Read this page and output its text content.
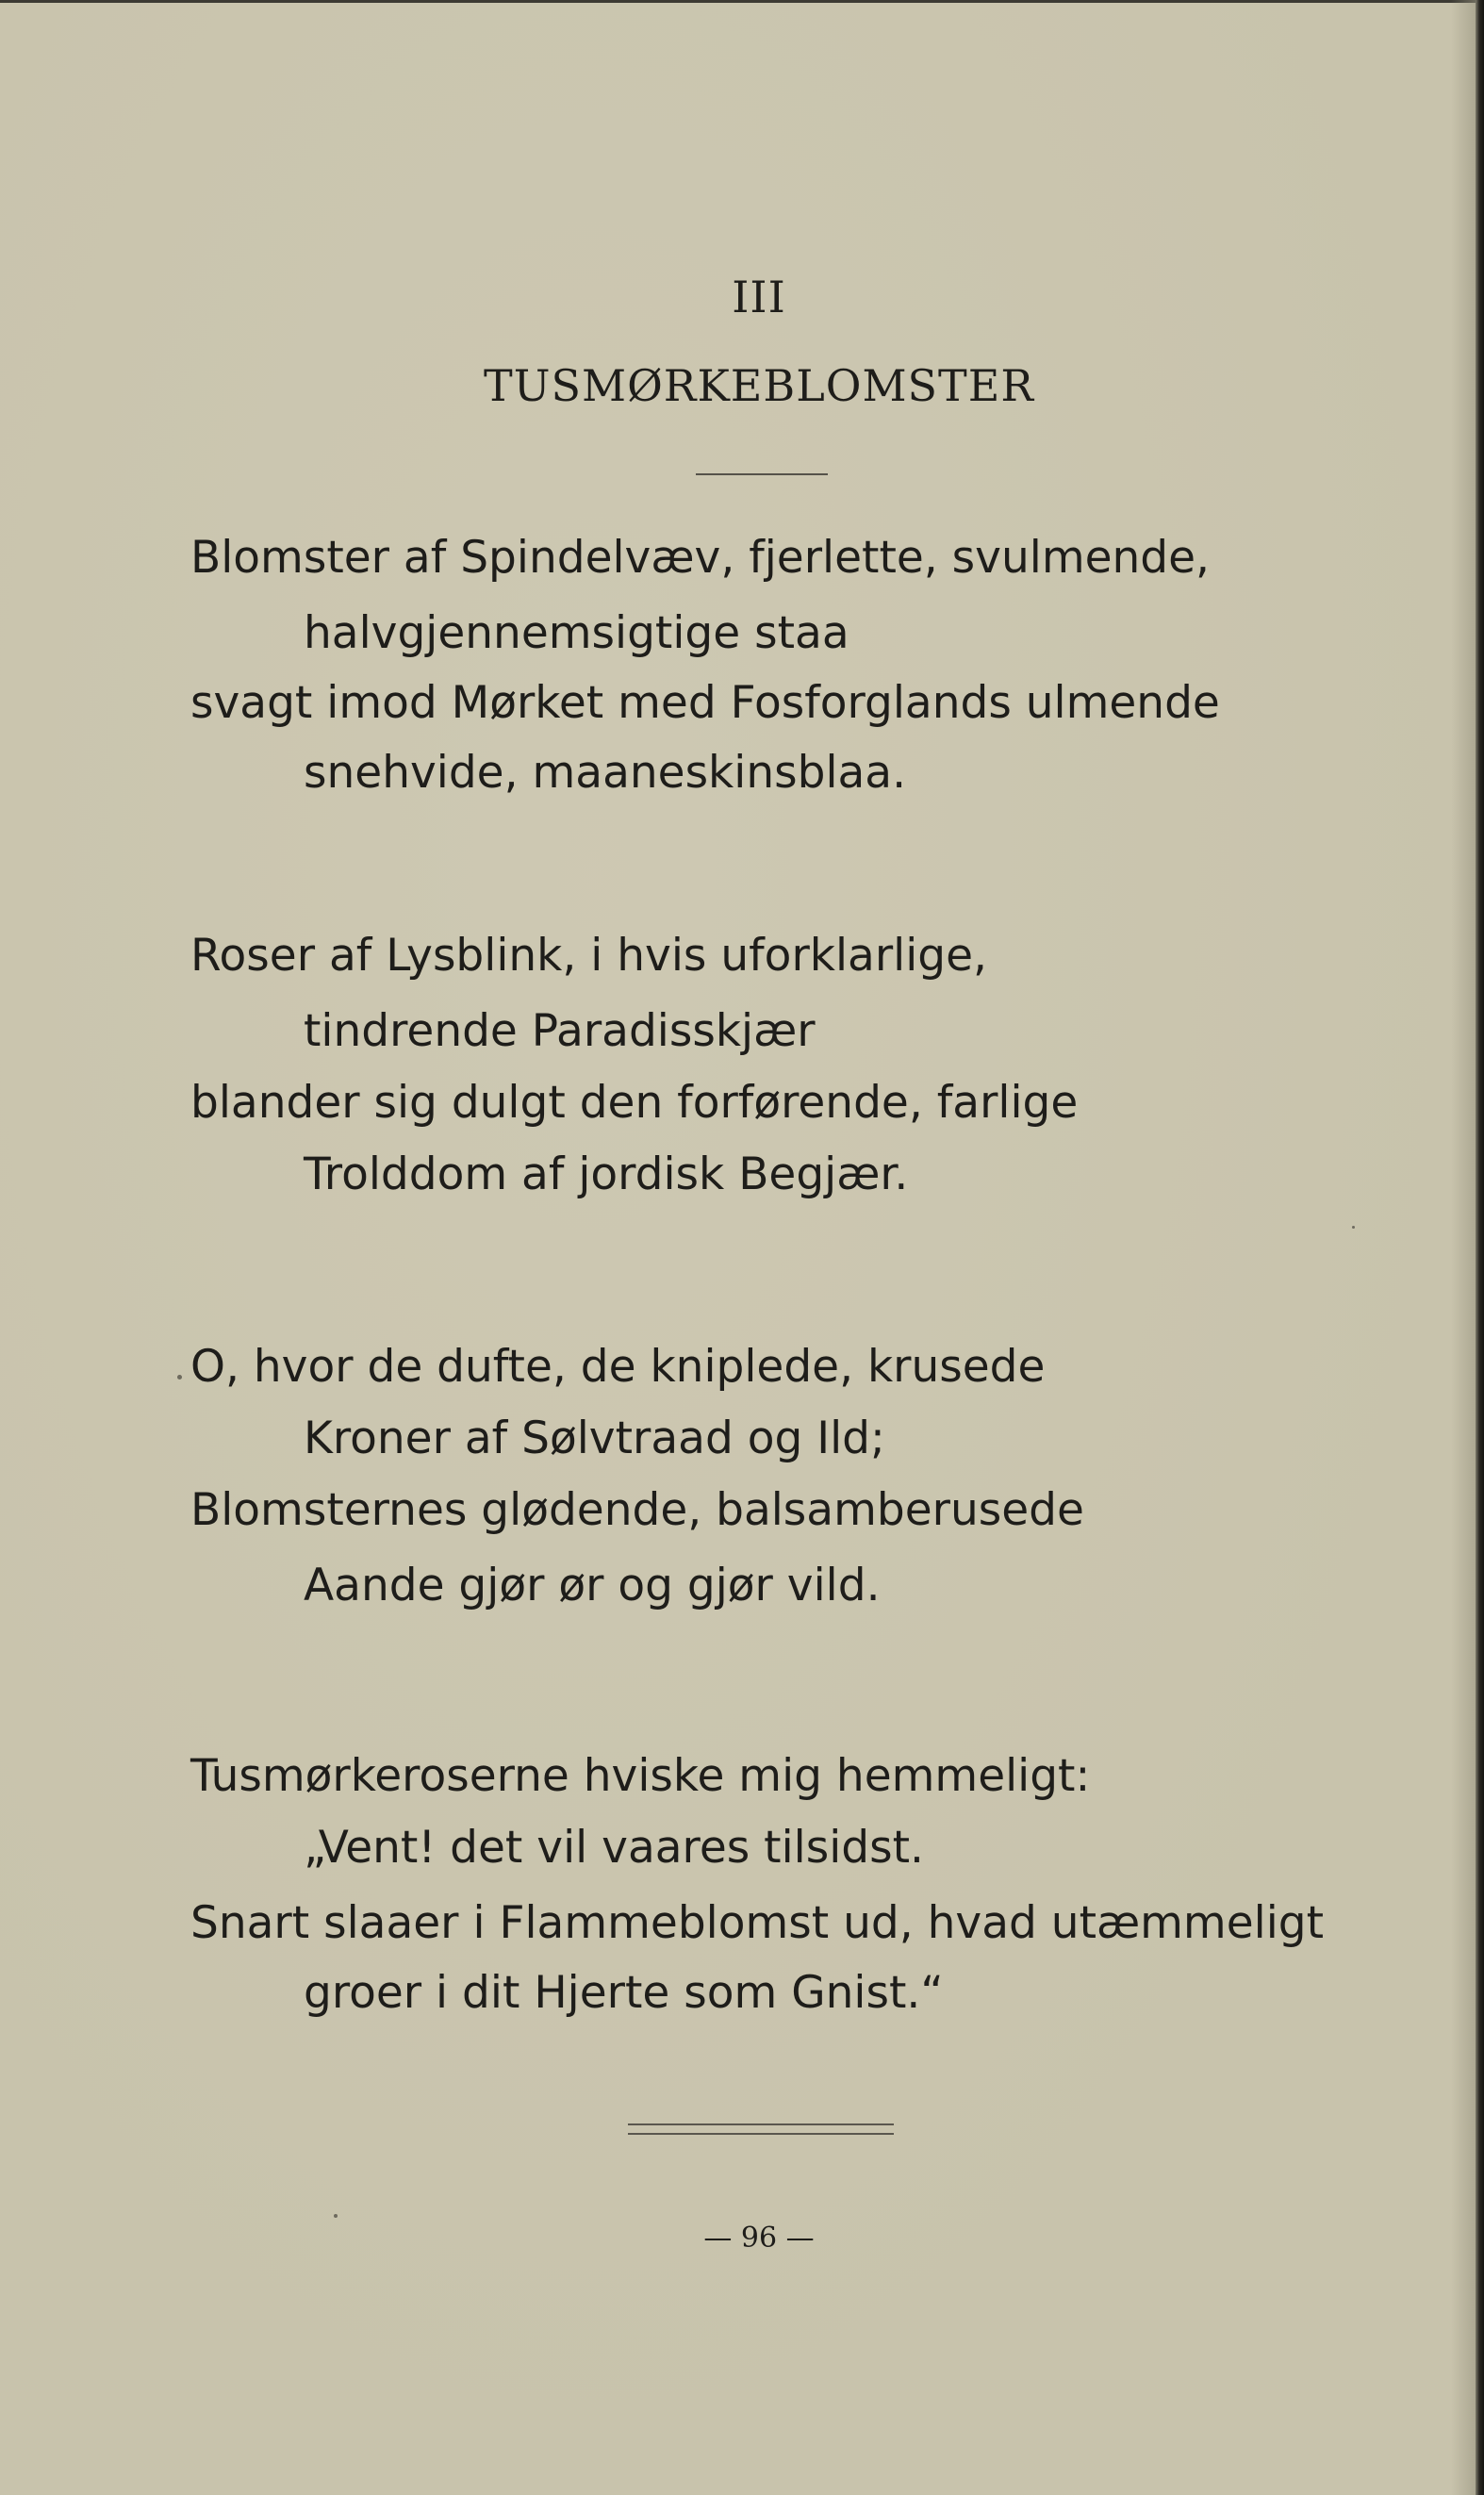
III
TUSMØRKEBLOMSTER
Blomster af Spindelvæv, fjerlette, svulmende,
halvgjennemsigtige staa
svagt imod Mørket med Fosforglands ulmende
snehvide, maaneskinsblaa.
Roser af Lysblink, i hvis uforklarlige,
tindrende Paradisskjær
blander sig dulgt den forførende, farlige
Trolddom af jordisk Begjær.
O, hvor de dufte, de kniplede, krusede
Kroner af Sølvtraad og Ild;
Blomsternes glødende, balsamberusede
Aande gjør ør og gjør vild.
Tusmørkeroserne hviske mig hemmeligt:
„Vent! det vil vaares tilsidst.
Snart slaaer i Flammeblomst ud, hvad utæmmeligt
groer i dit Hjerte som Gnist.“
— 96 —
